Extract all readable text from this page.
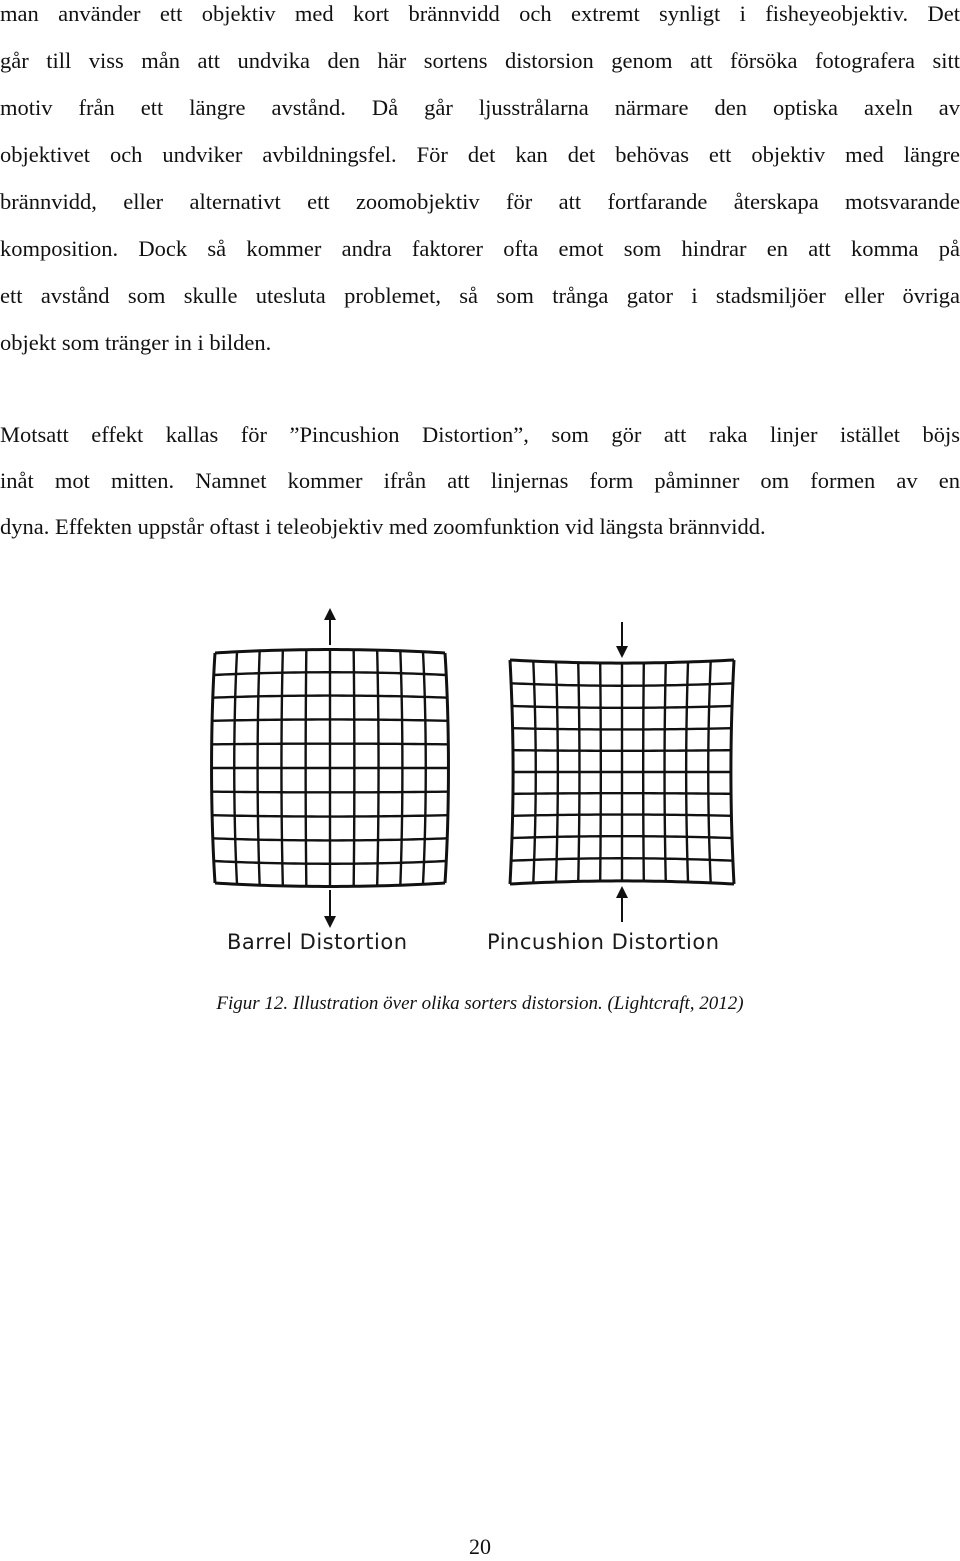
man använder ett objektiv med kort brännvidd och extremt synligt i fisheyeobjektiv. Det
går till viss mån att undvika den här sortens distorsion genom att försöka fotografera sitt
motiv från ett längre avstånd. Då går ljusstrålarna närmare den optiska axeln av
objektivet och undviker avbildningsfel. För det kan det behövas ett objektiv med längre
brännvidd, eller alternativt ett zoomobjektiv för att fortfarande återskapa motsvarande
komposition. Dock så kommer andra faktorer ofta emot som hindrar en att komma på
ett avstånd som skulle utesluta problemet, så som trånga gator i stadsmiljöer eller övriga
objekt som tränger in i bilden.
Motsatt effekt kallas för ”Pincushion Distortion”, som gör att raka linjer istället böjs
inåt mot mitten. Namnet kommer ifrån att linjernas form påminner om formen av en
dyna. Effekten uppstår oftast i teleobjektiv med zoomfunktion vid längsta brännvidd.
Barrel Distortion	Pincushion Distortion
Figur 12. Illustration över olika sorters distorsion. (Lightcraft, 2012)
20
